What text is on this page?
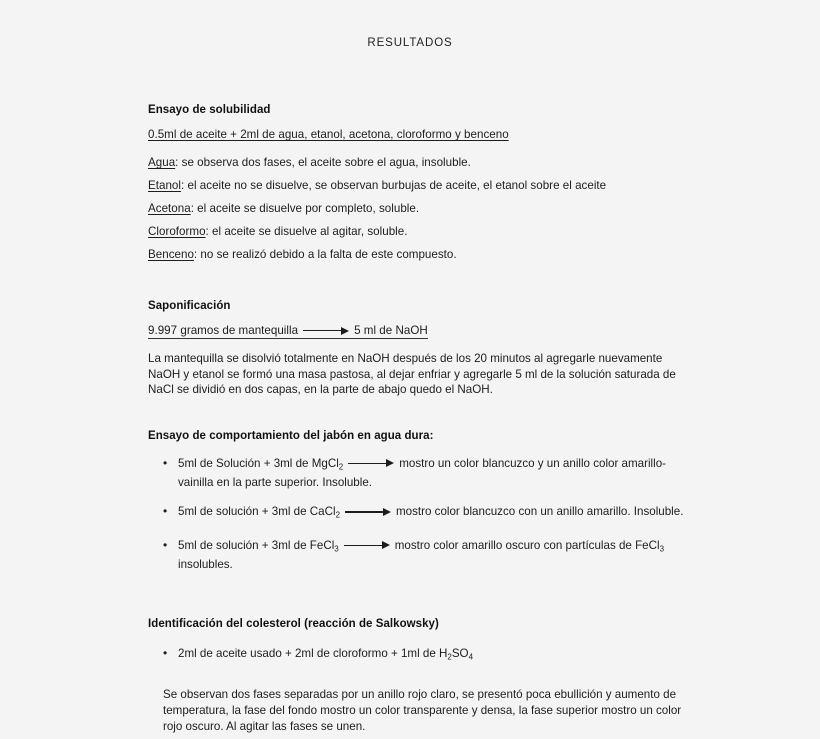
RESULTADOS
Ensayo de solubilidad
0.5ml de aceite + 2ml de agua, etanol, acetona, cloroformo y benceno
Agua: se observa dos fases, el aceite sobre el agua, insoluble.
Etanol: el aceite no se disuelve, se observan burbujas de aceite, el etanol sobre el aceite
Acetona: el aceite se disuelve por completo, soluble.
Cloroformo: el aceite se disuelve al agitar, soluble.
Benceno: no se realizó debido a la falta de este compuesto.
Saponificación
9.997 gramos de mantequilla	5 ml de NaOH
La mantequilla se disolvió totalmente en NaOH después de los 20 minutos al agregarle nuevamente NaOH y etanol se formó una masa pastosa, al dejar enfriar y agregarle 5 ml de la solución saturada de NaCl se dividió en dos capas, en la parte de abajo quedo el NaOH.
Ensayo de comportamiento del jabón en agua dura:
• 5ml de Solución + 3ml de MgCl$_2$	mostro un color blancuzco y un anillo color amarillo-vainilla en la parte superior. Insoluble.
• 5ml de solución + 3ml de CaCl$_2$	mostro color blancuzco con un anillo amarillo. Insoluble.
• 5ml de solución + 3ml de FeCl$_3$	mostro color amarillo oscuro con partículas de FeCl$_3$ insolubles.
Identificación del colesterol (reacción de Salkowsky)
• 2ml de aceite usado + 2ml de cloroformo + 1ml de $H_2SO_4$
Se observan dos fases separadas por un anillo rojo claro, se presentó poca ebullición y aumento de temperatura, la fase del fondo mostro un color transparente y densa, la fase superior mostro un color rojo oscuro. Al agitar las fases se unen.
